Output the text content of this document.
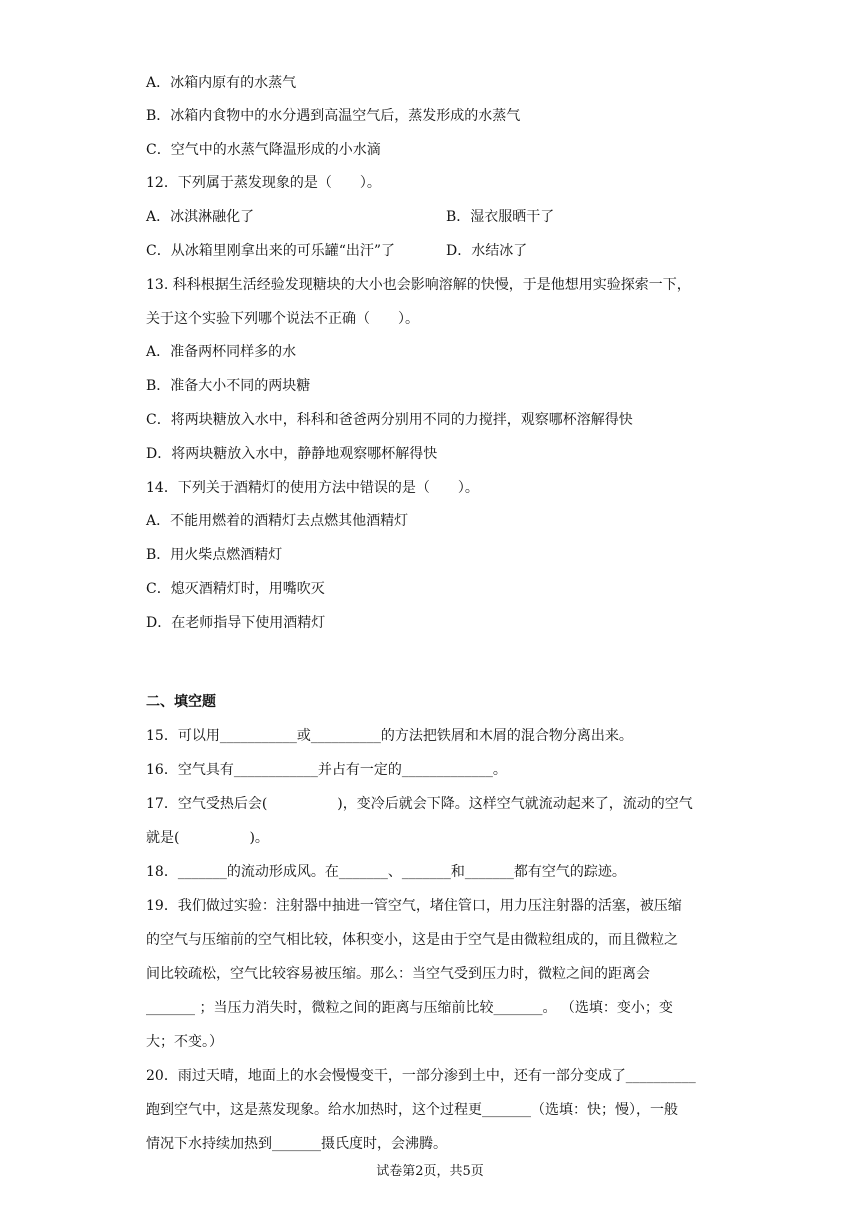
A．冰箱内原有的水蒸气
B．冰箱内食物中的水分遇到高温空气后，蒸发形成的水蒸气
C．空气中的水蒸气降温形成的小水滴
12．下列属于蒸发现象的是（　　）。
A．冰淇淋融化了	B．湿衣服晒干了
C．从冰箱里刚拿出来的可乐罐“出汗”了	D．水结冰了
13. 科科根据生活经验发现糖块的大小也会影响溶解的快慢，于是他想用实验探索一下，
关于这个实验下列哪个说法不正确（　　）。
A．准备两杯同样多的水
B．准备大小不同的两块糖
C．将两块糖放入水中，科科和爸爸两分别用不同的力搅拌，观察哪杯溶解得快
D．将两块糖放入水中，静静地观察哪杯解得快
14．下列关于酒精灯的使用方法中错误的是（　　）。
A．不能用燃着的酒精灯去点燃其他酒精灯
B．用火柴点燃酒精灯
C．熄灭酒精灯时，用嘴吹灭
D．在老师指导下使用酒精灯
二、填空题
15．可以用___________或__________的方法把铁屑和木屑的混合物分离出来。
16．空气具有____________并占有一定的_____________。
17．空气受热后会(　　　　　)，变冷后就会下降。这样空气就流动起来了，流动的空气
就是(　　　　　)。
18．_______的流动形成风。在_______、_______和_______都有空气的踪迹。
19．我们做过实验：注射器中抽进一管空气，堵住管口，用力压注射器的活塞，被压缩
的空气与压缩前的空气相比较，体积变小，这是由于空气是由微粒组成的，而且微粒之
间比较疏松，空气比较容易被压缩。那么：当空气受到压力时，微粒之间的距离会
_______ ；当压力消失时，微粒之间的距离与压缩前比较_______。 （选填：变小；变
大；不变。）
20．雨过天晴，地面上的水会慢慢变干，一部分渗到土中，还有一部分变成了__________
跑到空气中，这是蒸发现象。给水加热时，这个过程更_______（选填：快；慢），一般
情况下水持续加热到_______摄氏度时，会沸腾。
试卷第2页，共5页
